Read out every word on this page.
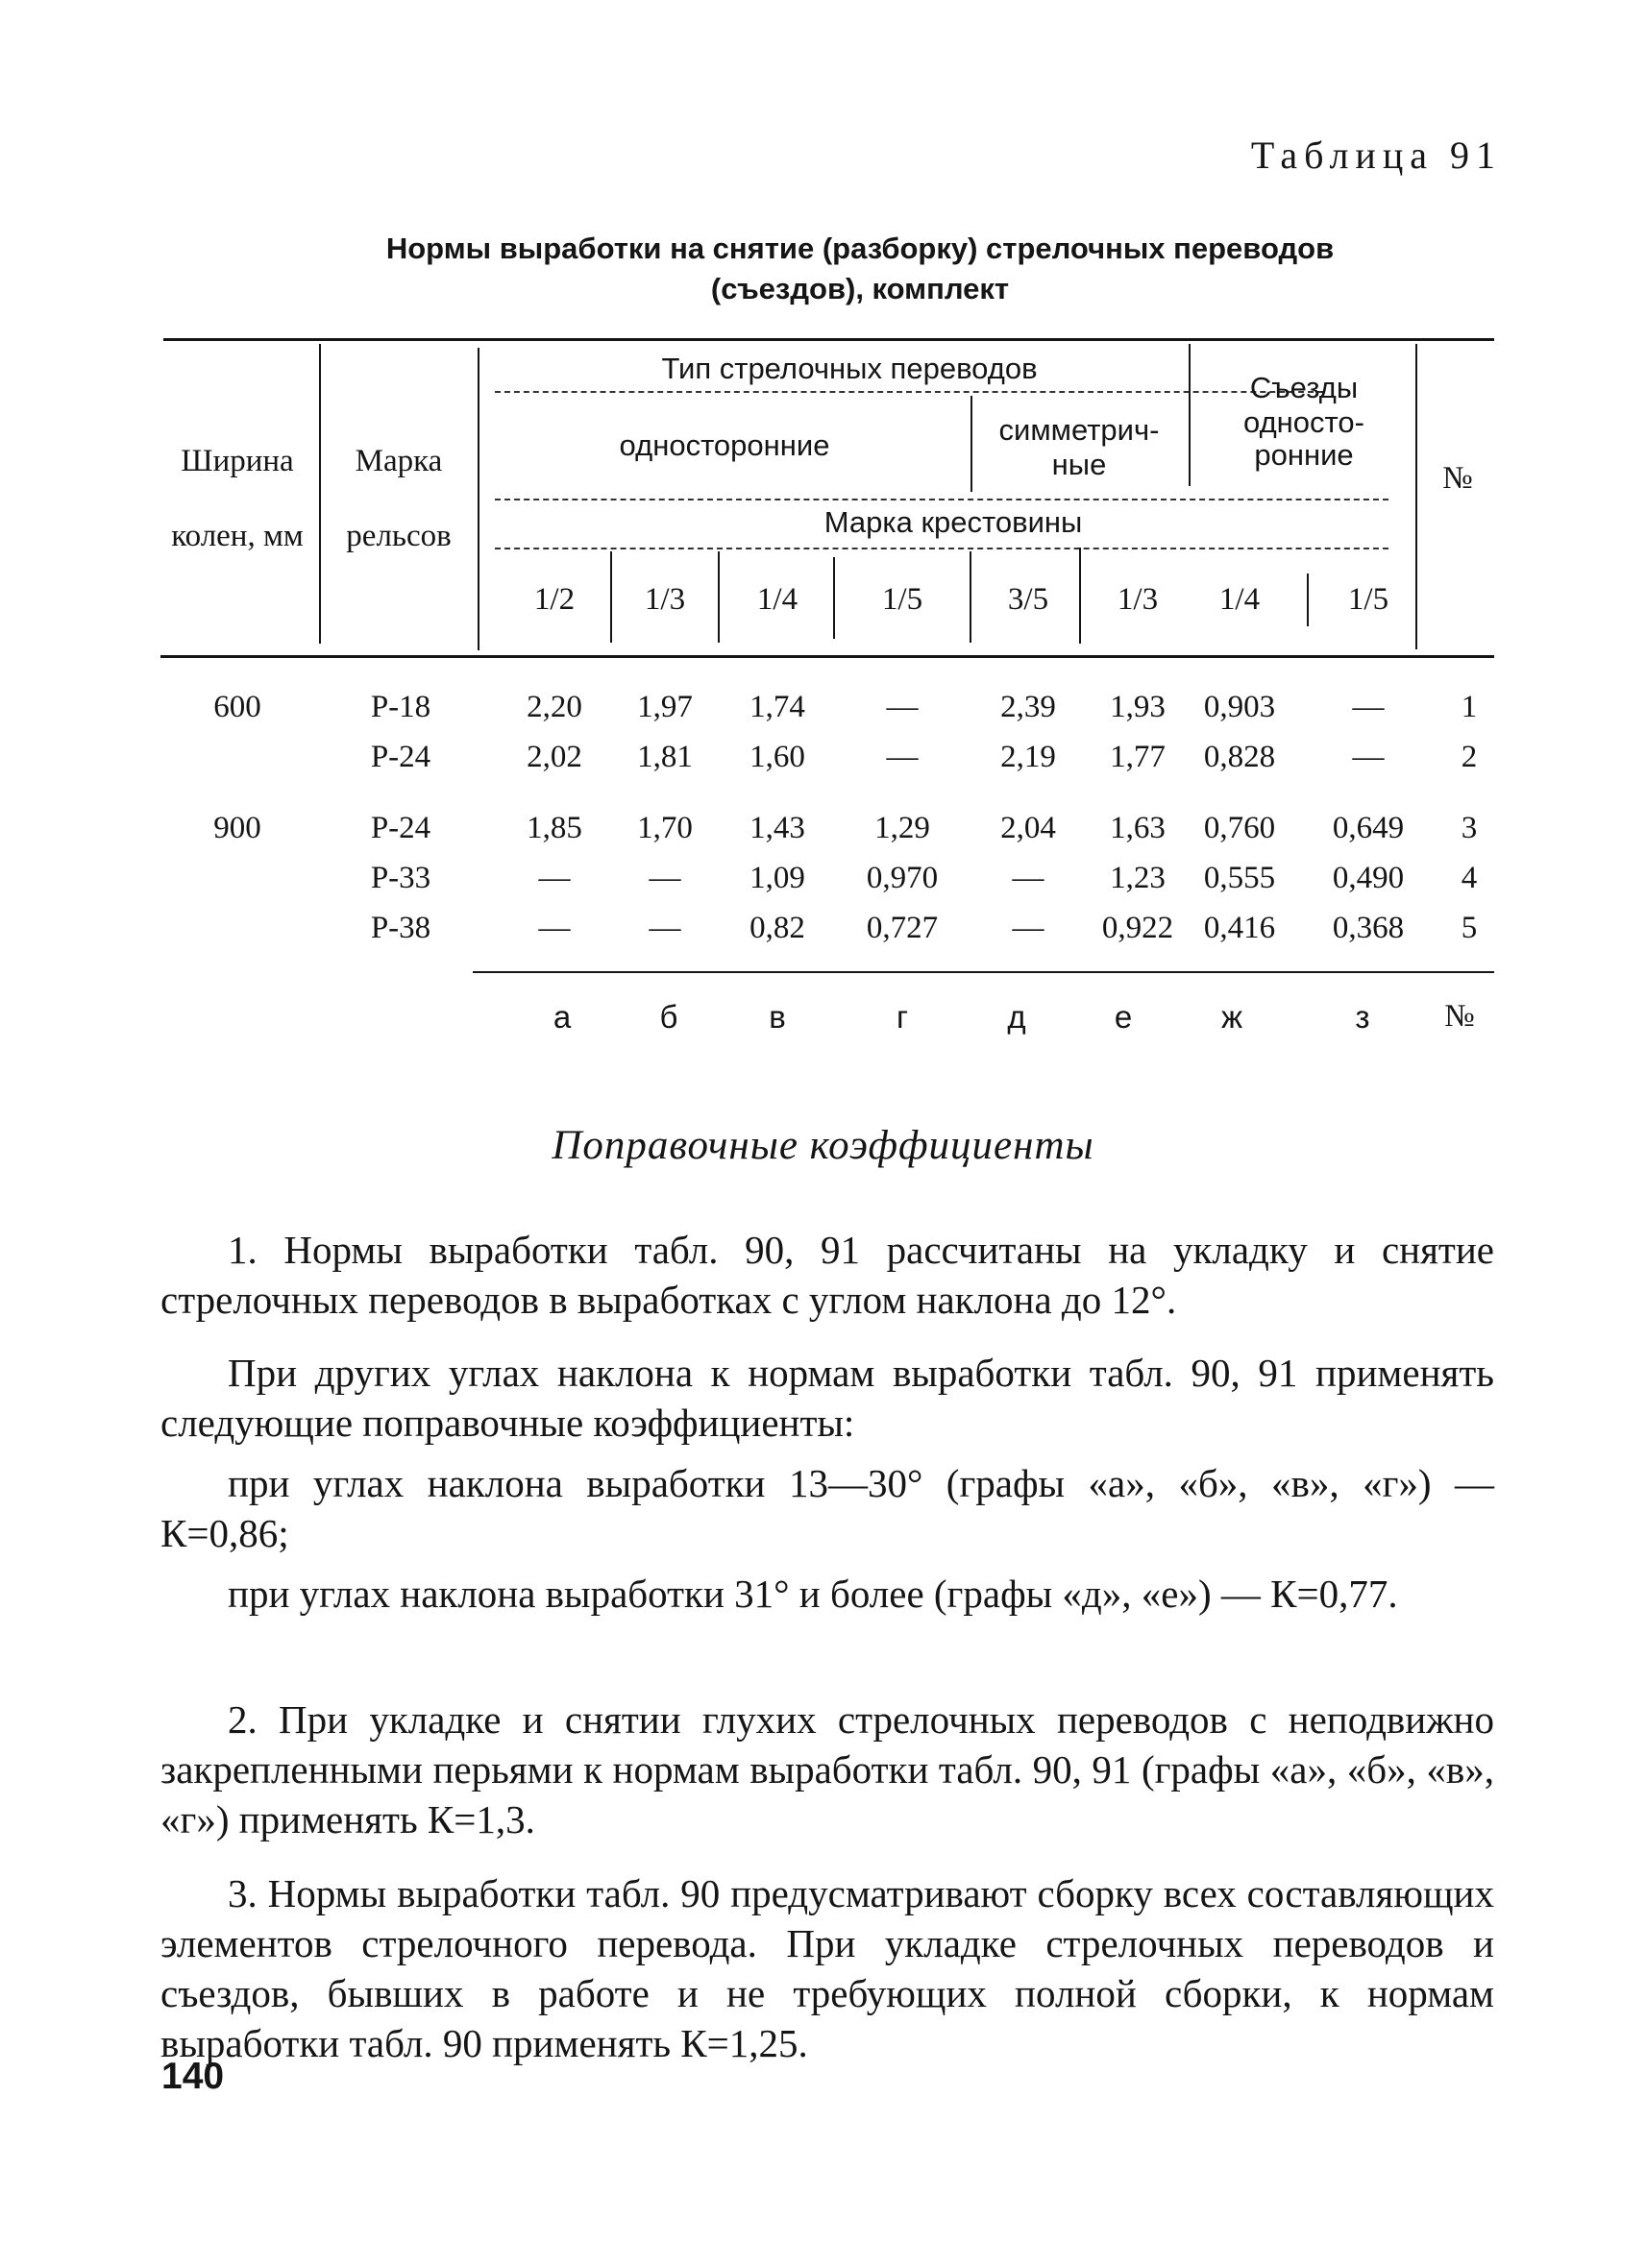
Таблица 91
Нормы выработки на снятие (разборку) стрелочных переводов
(съездов), комплект
Ширина
колен, мм
Марка
рельсов
Тип стрелочных переводов
односторонние	симметрич-
ные
Съезды
односто-
ронние
№
Марка крестовины
1/2 1/3 1/4	1/5	3/5 1/3 1/4	1/5
600	Р-18	2,20 1,97 1,74	—	2,39 1,93 0,903 — 1
Р-24	2,02 1,81 1,60	—	2,19 1,77 0,828 — 2
900	Р-24	1,85 1,70 1,43 1,29 2,04 1,63 0,760 0,649 3
Р-33	— — 1,09 0,970 — 1,23 0,555 0,490 4
Р-38	— — 0,82 0,727 — 0,922 0,416 0,368 5
а	б	в	г	д	е	ж	з №
Поправочные коэффициенты

1. Нормы выработки табл. 90, 91 рассчитаны на укладку и снятие стрелочных переводов в выработках с углом наклона до 12°.

При других углах наклона к нормам выработки табл. 90, 91 применять следующие поправочные коэффициенты:

при углах наклона выработки 13—30° (графы «а», «б», «в», «г») — К=0,86;

при углах наклона выработки 31° и более (графы «д», «е») — К=0,77.

2. При укладке и снятии глухих стрелочных переводов с неподвижно закрепленными перьями к нормам выработки табл. 90, 91 (графы «а», «б», «в», «г») применять К=1,3.

3. Нормы выработки табл. 90 предусматривают сборку всех составляющих элементов стрелочного перевода. При укладке стрелочных переводов и съездов, бывших в работе и не требующих полной сборки, к нормам выработки табл. 90 применять К=1,25.

140
